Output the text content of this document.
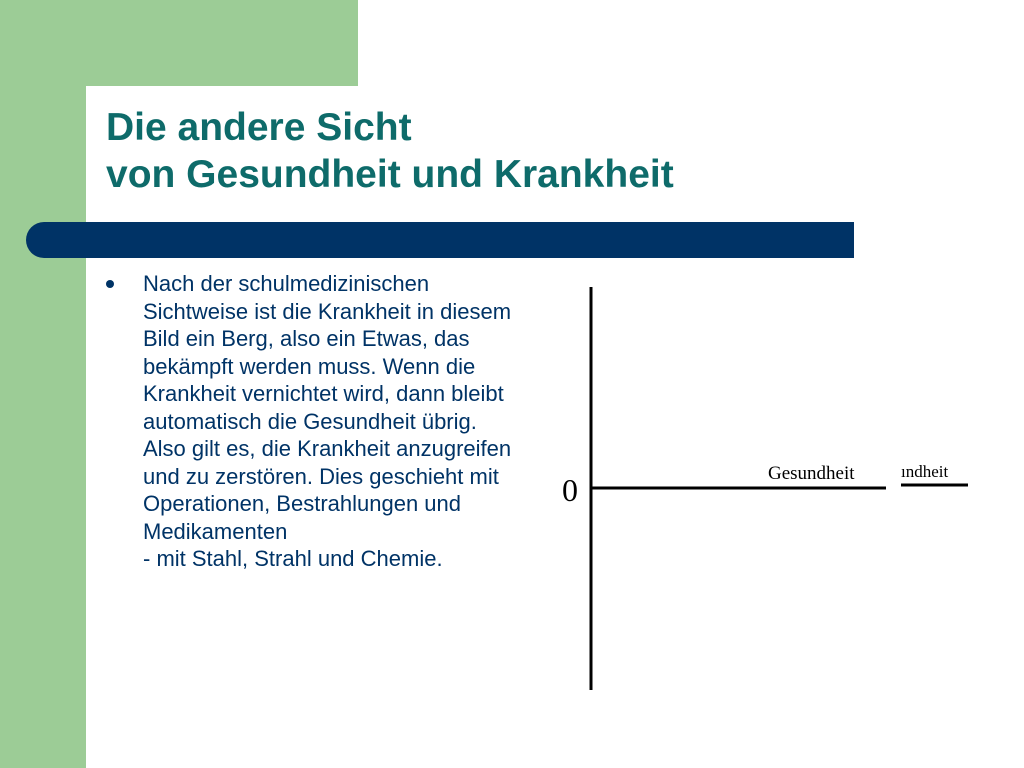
Die andere Sicht
von Gesundheit und Krankheit

Nach der schulmedizinischen Sichtweise ist die Krankheit in diesem Bild ein Berg, also ein Etwas, das bekämpft werden muss. Wenn die Krankheit vernichtet wird, dann bleibt automatisch die Gesundheit übrig. Also gilt es, die Krankheit anzugreifen und zu zerstören. Dies geschieht mit Operationen, Bestrahlungen und Medikamenten
- mit Stahl, Strahl und Chemie.

0	Gesundheit	ındheit
